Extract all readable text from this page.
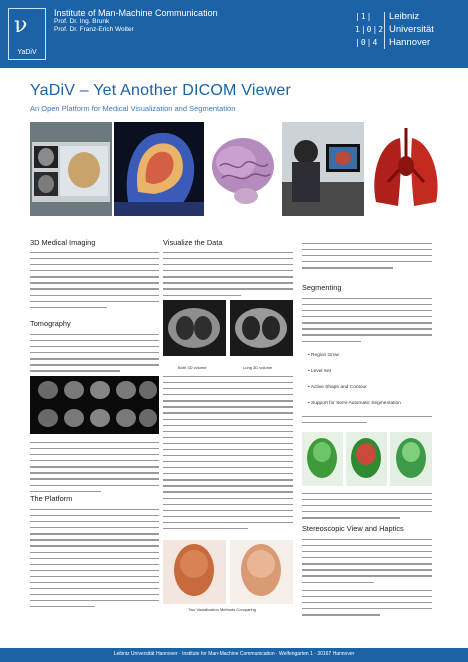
ν
YaDiV
Institute of Man-Machine Communication
Prof. Dr. Ing. Brunk
Prof. Dr. Franz-Erich Wolter
|1|
1|0|2
|0|4
Leibniz
Universität
Hannover
YaDiV – Yet Another DICOM Viewer
An Open Platform for Medical Visualization and Segmentation
3D Medical Imaging
Tomography
The Platform
Visualize the Data
Both 3D volume	Lung 3D volume
Two Visualization Methods Comparing
Segmenting
• Region Grow
• Level Set
• Active Shape and Contour
• Support for Semi-Automatic Segmentation
Stereoscopic View and Haptics
Leibniz Universität Hannover · Institute for Man-Machine Communication · Welfengarten 1 · 30167 Hannover
